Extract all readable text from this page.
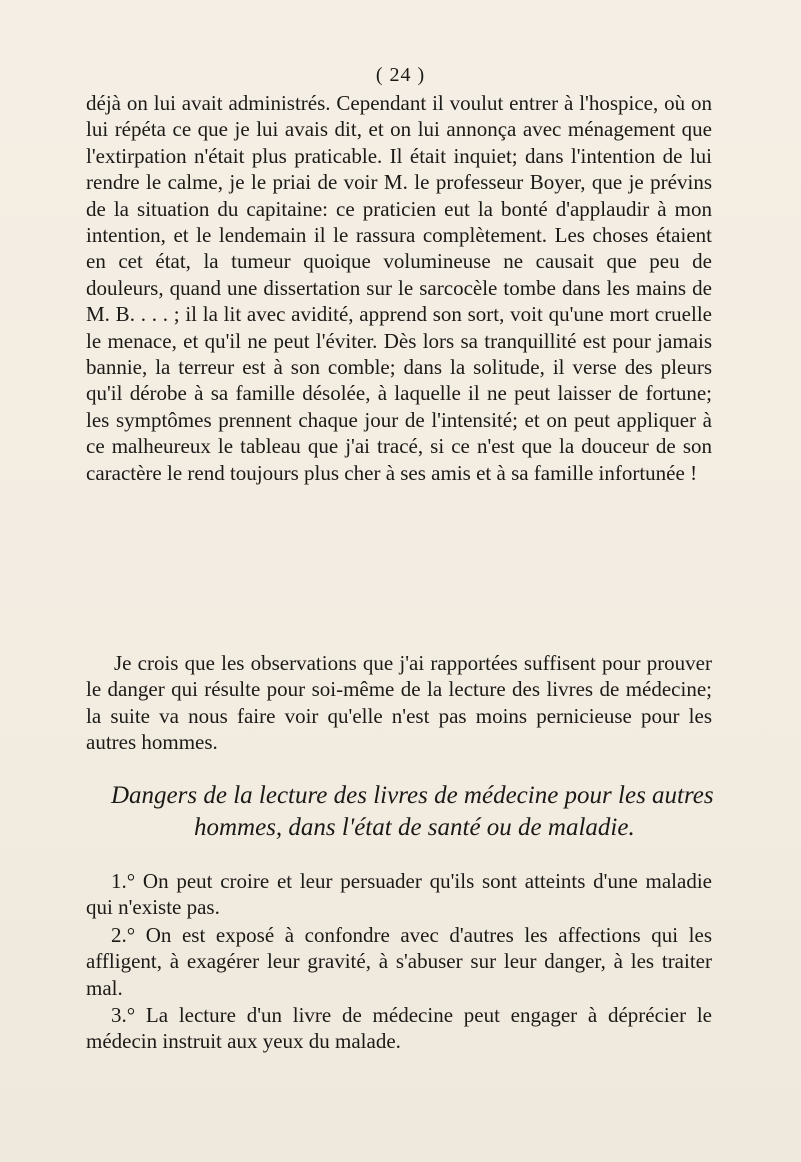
( 24 )

déjà on lui avait administrés. Cependant il voulut entrer à l'hospice, où on lui répéta ce que je lui avais dit, et on lui annonça avec ménagement que l'extirpation n'était plus praticable. Il était inquiet; dans l'intention de lui rendre le calme, je le priai de voir M. le professeur Boyer, que je prévins de la situation du capitaine: ce praticien eut la bonté d'applaudir à mon intention, et le lendemain il le rassura complètement. Les choses étaient en cet état, la tumeur quoique volumineuse ne causait que peu de douleurs, quand une dissertation sur le sarcocèle tombe dans les mains de M. B. . . . ; il la lit avec avidité, apprend son sort, voit qu'une mort cruelle le menace, et qu'il ne peut l'éviter. Dès lors sa tranquillité est pour jamais bannie, la terreur est à son comble; dans la solitude, il verse des pleurs qu'il dérobe à sa famille désolée, à laquelle il ne peut laisser de fortune; les symptômes prennent chaque jour de l'intensité; et on peut appliquer à ce malheureux le tableau que j'ai tracé, si ce n'est que la douceur de son caractère le rend toujours plus cher à ses amis et à sa famille infortunée !

Je crois que les observations que j'ai rapportées suffisent pour prouver le danger qui résulte pour soi-même de la lecture des livres de médecine; la suite va nous faire voir qu'elle n'est pas moins pernicieuse pour les autres hommes.

Dangers de la lecture des livres de médecine pour les autres
hommes, dans l'état de santé ou de maladie.

1.° On peut croire et leur persuader qu'ils sont atteints d'une maladie qui n'existe pas.

2.° On est exposé à confondre avec d'autres les affections qui les affligent, à exagérer leur gravité, à s'abuser sur leur danger, à les traiter mal.

3.° La lecture d'un livre de médecine peut engager à déprécier le médecin instruit aux yeux du malade.
